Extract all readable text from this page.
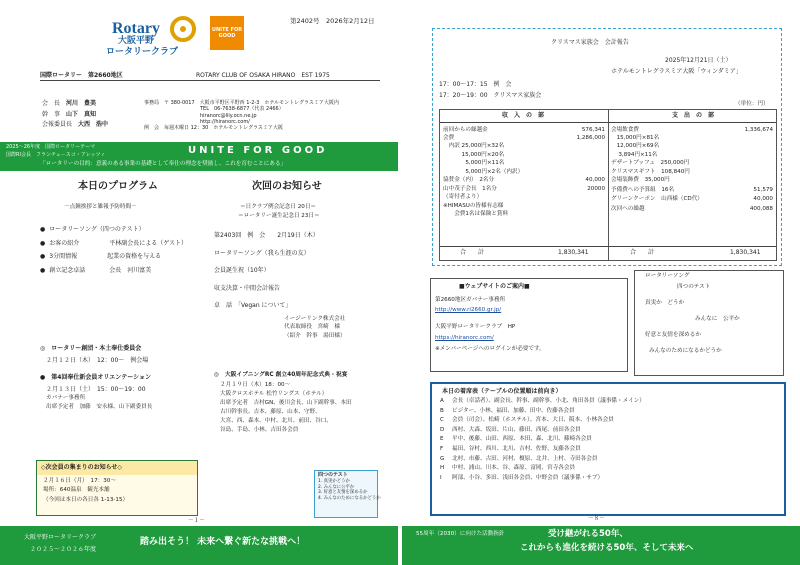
Rotary
大阪平野
ロータリークラブ
UNITE FOR GOOD
第2402号　2026年2月12日
国際ロータリー　第2660地区	ROTARY CLUB OF OSAKA HIRANO　EST 1975
会　長　 河川　豊美
幹　事　 山下　真知
会報委員長　 大西　浩中
事務局　〒 380-0017　大阪市平野区平野西 1-2-3　ホテルモントレグラスミア大阪内
TEL　06-7638-6877（代表 2466）
hiranorc@lily.ocn.ne.jp
http://hiranorc.com/
例　会　毎週木曜日 12：30　ホテルモントレグラスミア大阪
2025～26年度　国際ロータリーテーマ
国際RI会長　フランチェ－スコ・アレッツィ	UNITE FOR GOOD
「ロータリーの目的：意義のある事業の基礎として奉仕の理念を奨励し、これを育むことにある」
本日のプログラム
－点鐘挨拶と雑報予防時間－
● ロータリーソング（四つのテスト）
● お客の紹介　　　　　平林副会長による（ゲスト）
● 3分間情報　　　　　起業の資格を与える
● 創立記念卓話　　　　会長　河川富美
◎　ロータリー創団・本土奉仕委員会
２月１２日（木）　12：00～　例会場
●　第4回奉仕新会員オリエンテーション
２月１３日（土）　15：00～19：00
カバナー事務所
出席予定者　加藤　安永様、山下副委員長
次回のお知らせ
＝日クラブ例会記念日 20日＝
＝ロータリー誕生記念日 23日＝
第2403回　例　会　　2月19日（木）
ロータリーソング（我ら生涯の友）
会員誕生祝（10年）
収支決算・中間会計報告
卓　話　 「Vegan について」
イージーリンク株式会社
代表取締役　宮崎　様
（紹介　幹事　湯田様）
◎　大阪イブニングRC 創立40周年記念式典・祝宴
２月１９日（木）18：00～
大阪クロスホテル 松竹リングス（ホテル）
出席予定者　吉村GN、後川会長、山下副幹事、本田
古川幹事長、吉本、藤原、山本、守野、
大宮、西、森本、中村、北川、前田、谷口、
谷島、手島、小林、吉田各会員
◇次会員の集まりのお知らせ◇
２月１６日（月）　17：30～
場所：640温泉　観光本舗
（今回は本日の各日各 1-13-15）
四つのテスト
1. 真実かどうか
2. みんなに公平か
3. 好意と友情を深めるか
4. みんなのためになるかどうか
－１－
大阪平野ロータリークラブ
２０２５～２０２６年度
踏み出そう！ 未来へ繋ぐ新たな挑戦へ！
クリスマス家族会　会計報告
2025年12月21日（土）
ホテルモントレグラスミア大阪「ウィンダミア」
17：00～17：15　例　会
17：20～19：00　クリスマス家族会
（単位：円）
収　入　の　部	支　出　の　部
前回からの繰越金	576,341
会費	1,286,000
　内訳 25,000円×32名
　　　 15,000円×20名
　　　　5,000円×11名
　　　　5,000円×2名（内訳）
協賛金（内）　2名分	40,000
山中茂子会長　1名分	20000
（寄付者より）
※HIMASUの皆様有志様
　　会費1名は保険と賞料
会場飲食費	1,336,674
　15,000円×81名
　12,000円×69名
　 3,894円×11名
デザートブッフェ　250,000円
クリスマスギフト　108,840円
会場装飾費　35,000円
予備費への予算組　16名	51,579
グリーンクーポン　山西様（CD代）	40,000
次回への繰越	400,088
合　　計	1,830,341	合　　計	1,830,341
■ウェブサイトのご案内■
第2660地区ガバナー事務所
http://www.ri2660.gr.jp/
大阪平野ロータリークラブ　HP
https://hiranorc.com/
※メンバーページへのログインが必要です。
ロータリーソング
四つのテスト
真実か　どうか
みんなに　公平か
好意と友情を深めるか
みんなのためになるかどうか
本日の着席表（テーブルの位置順は前向き）
A 会長（卓話者）、副会長、幹事、副幹事、小北、角田各員（議事係・メイン）
B ビジター、小林、福田、加藤、田中、佐藤各会員
C 会員（司会）、松崎（ホステル）、宮本、大日、阪本、小林各会員
D 西村、大森、坂田、片山、藤田、西尾、前田各会員
E 平中、後藤、山田、西原、本田、森、北川、篠崎各会員
F 福田、谷村、西川、北川、吉村、佐野、友藤各会員
G 北村、市藤、古田、河村、榎原、北井、上村、寺田各会員
H 中村、浦山、川本、谷、森原、富岡、宮寺各会員
I 阿部、小谷、多田、浅田各会員、中野会員（議事係・サブ）
－８－
55周年（2030）に向けた活動指針	受け継がれる50年、
これからも進化を続ける50年、そして未来へ
